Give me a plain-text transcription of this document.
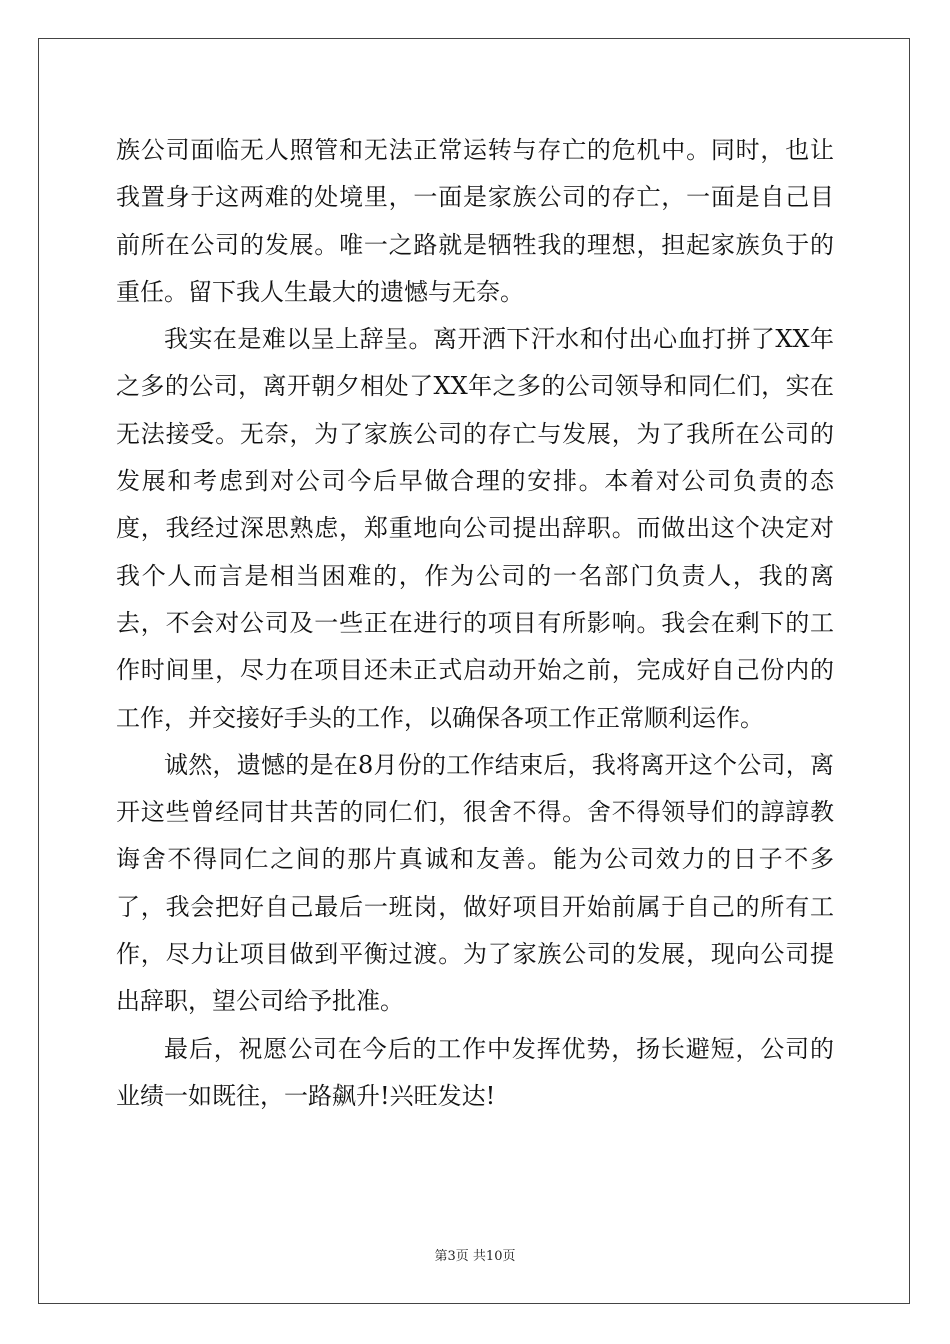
族公司面临无人照管和无法正常运转与存亡的危机中。同时，也让我置身于这两难的处境里，一面是家族公司的存亡，一面是自己目前所在公司的发展。唯一之路就是牺牲我的理想，担起家族负于的重任。留下我人生最大的遗憾与无奈。

我实在是难以呈上辞呈。离开洒下汗水和付出心血打拼了XX年之多的公司，离开朝夕相处了XX年之多的公司领导和同仁们，实在无法接受。无奈，为了家族公司的存亡与发展，为了我所在公司的发展和考虑到对公司今后早做合理的安排。本着对公司负责的态度，我经过深思熟虑，郑重地向公司提出辞职。而做出这个决定对我个人而言是相当困难的，作为公司的一名部门负责人，我的离去，不会对公司及一些正在进行的项目有所影响。我会在剩下的工作时间里，尽力在项目还未正式启动开始之前，完成好自己份内的工作，并交接好手头的工作，以确保各项工作正常顺利运作。

诚然，遗憾的是在8月份的工作结束后，我将离开这个公司，离开这些曾经同甘共苦的同仁们，很舍不得。舍不得领导们的諄諄教诲舍不得同仁之间的那片真诚和友善。能为公司效力的日子不多了，我会把好自己最后一班岗，做好项目开始前属于自己的所有工作，尽力让项目做到平衡过渡。为了家族公司的发展，现向公司提出辞职，望公司给予批准。

最后，祝愿公司在今后的工作中发挥优势，扬长避短，公司的业绩一如既往，一路飙升!兴旺发达!

第3页 共10页
